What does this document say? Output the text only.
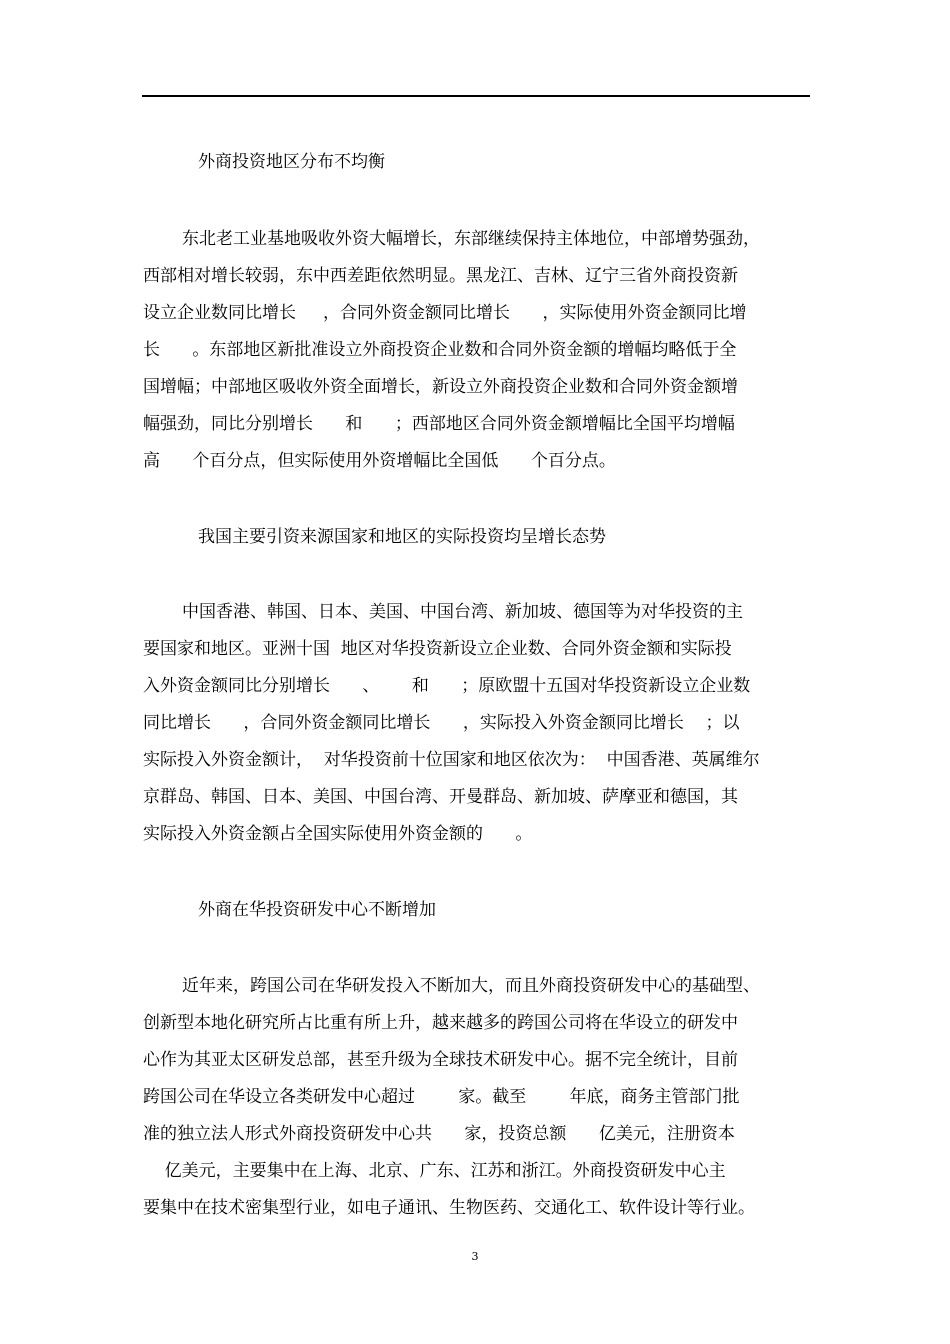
外商投资地区分布不均衡
东北老工业基地吸收外资大幅增长，东部继续保持主体地位，中部增势强劲，
西部相对增长较弱，东中西差距依然明显。黑龙江、吉林、辽宁三省外商投资新
设立企业数同比增长     ，合同外资金额同比增长      ，实际使用外资金额同比增
长      。东部地区新批准设立外商投资企业数和合同外资金额的增幅均略低于全
国增幅；中部地区吸收外资全面增长，新设立外商投资企业数和合同外资金额增
幅强劲，同比分别增长      和      ；西部地区合同外资金额增幅比全国平均增幅
高      个百分点，但实际使用外资增幅比全国低      个百分点。
我国主要引资来源国家和地区的实际投资均呈增长态势
中国香港、韩国、日本、美国、中国台湾、新加坡、德国等为对华投资的主
要国家和地区。亚洲十国  地区对华投资新设立企业数、合同外资金额和实际投
入外资金额同比分别增长      、      和      ；原欧盟十五国对华投资新设立企业数
同比增长      ，合同外资金额同比增长      ，实际投入外资金额同比增长    ；以
实际投入外资金额计，  对华投资前十位国家和地区依次为：  中国香港、英属维尔
京群岛、韩国、日本、美国、中国台湾、开曼群岛、新加坡、萨摩亚和德国，其
实际投入外资金额占全国实际使用外资金额的      。
外商在华投资研发中心不断增加
近年来，跨国公司在华研发投入不断加大，而且外商投资研发中心的基础型、
创新型本地化研究所占比重有所上升，越来越多的跨国公司将在华设立的研发中
心作为其亚太区研发总部，甚至升级为全球技术研发中心。据不完全统计，目前
跨国公司在华设立各类研发中心超过        家。截至        年底，商务主管部门批
准的独立法人形式外商投资研发中心共      家，投资总额      亿美元，注册资本
亿美元，主要集中在上海、北京、广东、江苏和浙江。外商投资研发中心主
要集中在技术密集型行业，如电子通讯、生物医药、交通化工、软件设计等行业。
3
